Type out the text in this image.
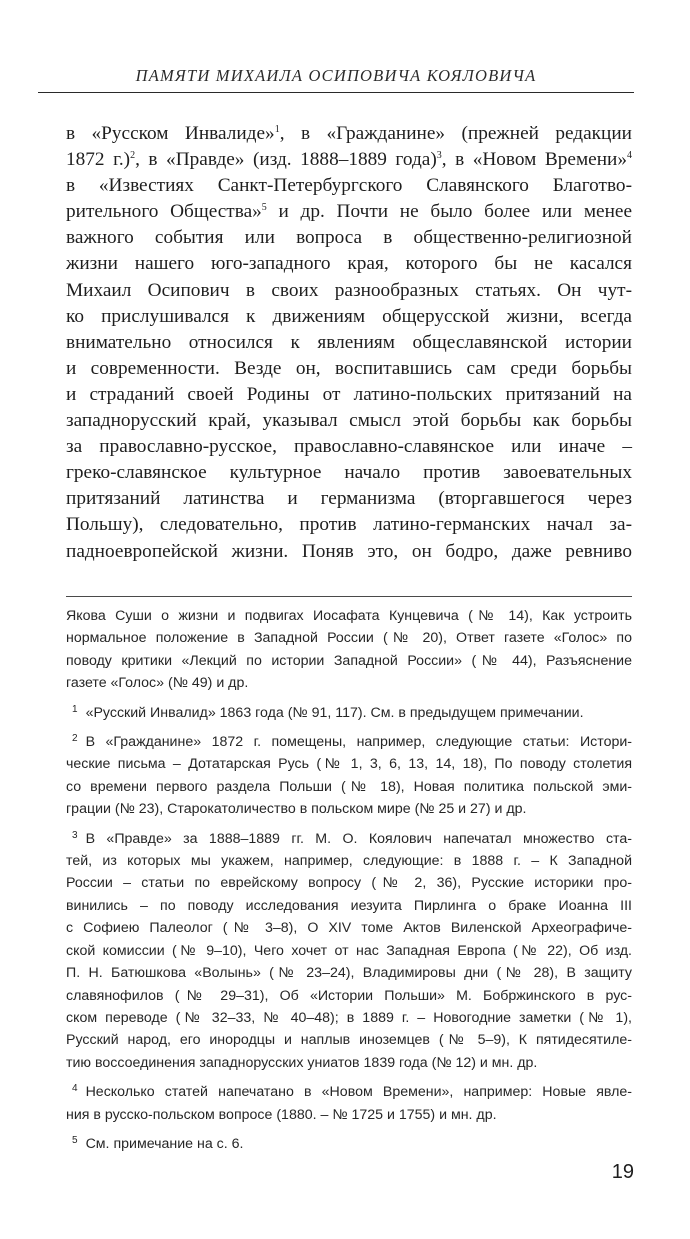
ПАМЯТИ МИХАИЛА ОСИПОВИЧА КОЯЛОВИЧА
в «Русском Инвалиде»$^1$, в «Гражданине» (прежней редакции
1872 г.)$^2$, в «Правде» (изд. 1888–1889 года)$^3$, в «Новом Времени»$^4$
в «Известиях Санкт-Петербургского Славянского Благотво-
рительного Общества»$^5$ и др. Почти не было более или менее
важного события или вопроса в общественно-религиозной
жизни нашего юго-западного края, которого бы не касался
Михаил Осипович в своих разнообразных статьях. Он чут-
ко прислушивался к движениям общерусской жизни, всегда
внимательно относился к явлениям общеславянской истории
и современности. Везде он, воспитавшись сам среди борьбы
и страданий своей Родины от латино-польских притязаний на
западнорусский край, указывал смысл этой борьбы как борьбы
за православно-русское, православно-славянское или иначе –
греко-славянское культурное начало против завоевательных
притязаний латинства и германизма (вторгавшегося через
Польшу), следовательно, против латино-германских начал за-
падноевропейской жизни. Поняв это, он бодро, даже ревниво
Якова Суши о жизни и подвигах Иосафата Кунцевича (№ 14), Как устроить
нормальное положение в Западной России (№ 20), Ответ газете «Голос» по
поводу критики «Лекций по истории Западной России» (№ 44), Разъяснение
газете «Голос» (№ 49) и др.
$^1$ «Русский Инвалид» 1863 года (№ 91, 117). См. в предыдущем примечании.
$^2$ В «Гражданине» 1872 г. помещены, например, следующие статьи: Истори-
ческие письма – Дотатарская Русь (№ 1, 3, 6, 13, 14, 18), По поводу столетия
со времени первого раздела Польши (№ 18), Новая политика польской эми-
грации (№ 23), Старокатоличество в польском мире (№ 25 и 27) и др.
$^3$ В «Правде» за 1888–1889 гг. М. О. Коялович напечатал множество ста-
тей, из которых мы укажем, например, следующие: в 1888 г. – К Западной
России – статьи по еврейскому вопросу (№ 2, 36), Русские историки про-
винились – по поводу исследования иезуита Пирлинга о браке Иоанна III
с Софиею Палеолог (№ 3–8), О XIV томе Актов Виленской Археографиче-
ской комиссии (№ 9–10), Чего хочет от нас Западная Европа (№ 22), Об изд.
П. Н. Батюшкова «Волынь» (№ 23–24), Владимировы дни (№ 28), В защиту
славянофилов (№ 29–31), Об «Истории Польши» М. Бобржинского в рус-
ском переводе (№ 32–33, № 40–48); в 1889 г. – Новогодние заметки (№ 1),
Русский народ, его инородцы и наплыв иноземцев (№ 5–9), К пятидесятиле-
тию воссоединения западнорусских униатов 1839 года (№ 12) и мн. др.
$^4$ Несколько статей напечатано в «Новом Времени», например: Новые явле-
ния в русско-польском вопросе (1880. – № 1725 и 1755) и мн. др.
$^5$ См. примечание на с. 6.
19
